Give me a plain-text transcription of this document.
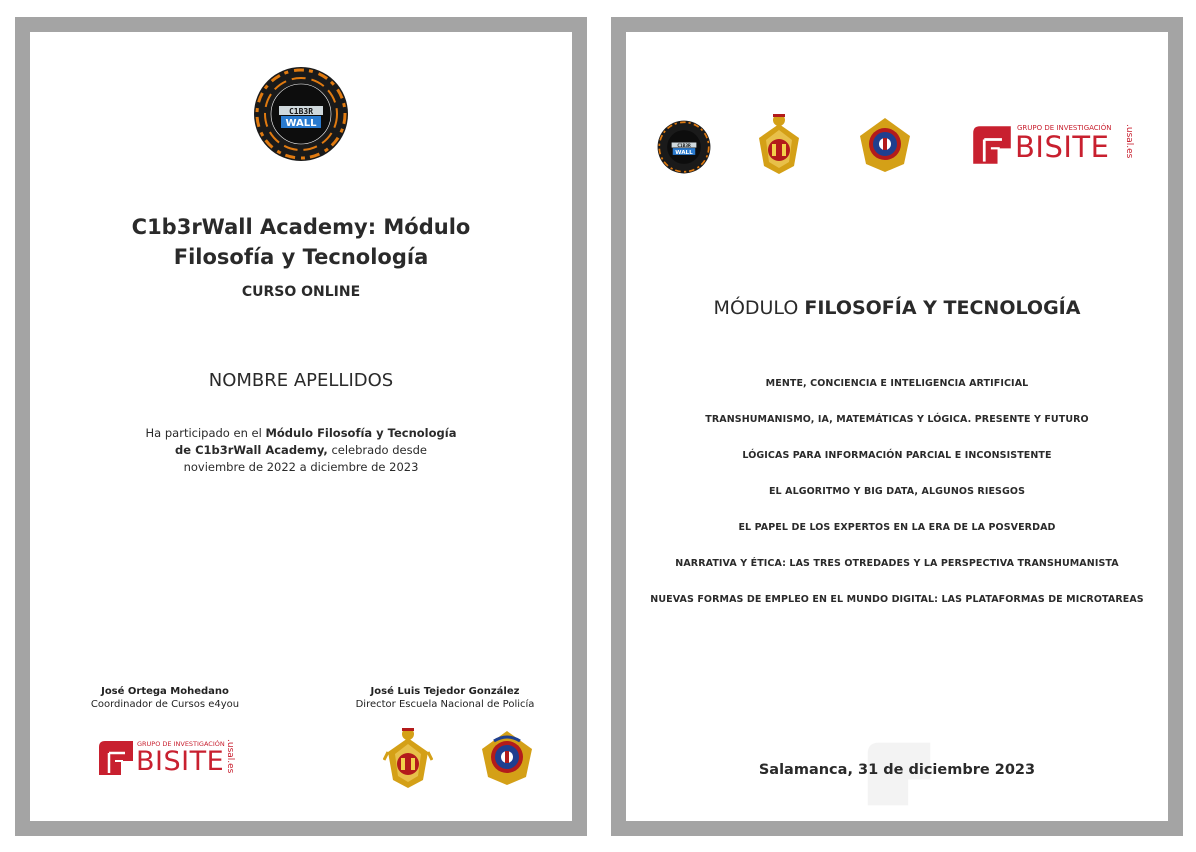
C1B3R
WALL
C1b3rWall Academy: Módulo
Filosofía y Tecnología
CURSO ONLINE
NOMBRE APELLIDOS
Ha participado en el Módulo Filosofía y Tecnología
de C1b3rWall Academy, celebrado desde
noviembre de 2022 a diciembre de 2023
José Ortega Mohedano
Coordinador de Cursos e4you
José Luis Tejedor González
Director Escuela Nacional de Policía
GRUPO DE INVESTIGACIÓN
BISITE .usal.es
C1B3R
WALL
GRUPO DE INVESTIGACIÓN
BISITE .usal.es
MÓDULO FILOSOFÍA Y TECNOLOGÍA
MENTE, CONCIENCIA E INTELIGENCIA ARTIFICIAL
TRANSHUMANISMO, IA, MATEMÁTICAS Y LÓGICA. PRESENTE Y FUTURO
LÓGICAS PARA INFORMACIÓN PARCIAL E INCONSISTENTE
EL ALGORITMO Y BIG DATA, ALGUNOS RIESGOS
EL PAPEL DE LOS EXPERTOS EN LA ERA DE LA POSVERDAD
NARRATIVA Y ÉTICA: LAS TRES OTREDADES Y LA PERSPECTIVA TRANSHUMANISTA
NUEVAS FORMAS DE EMPLEO EN EL MUNDO DIGITAL: LAS PLATAFORMAS DE MICROTAREAS
Salamanca, 31 de diciembre 2023
